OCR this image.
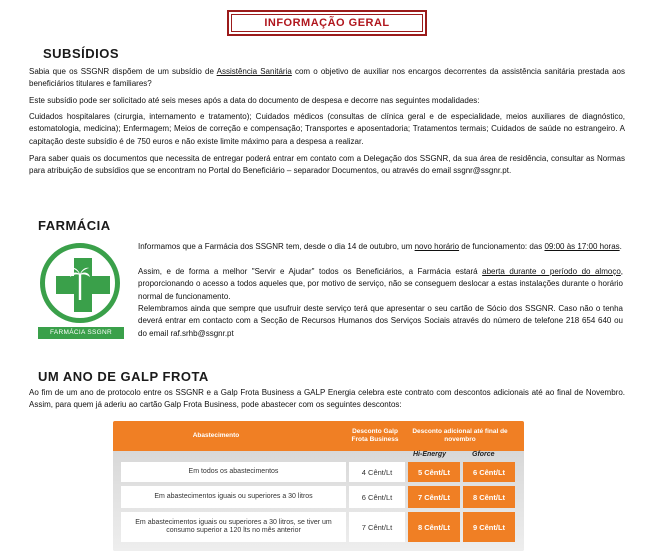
INFORMAÇÃO GERAL
SUBSÍDIOS
Sabia que os SSGNR dispõem de um subsídio de Assistência Sanitária com o objetivo de auxiliar nos encargos decorrentes da assistência sanitária prestada aos beneficiários titulares e familiares?
Este subsídio pode ser solicitado até seis meses após a data do documento de despesa e decorre nas seguintes modalidades:
Cuidados hospitalares (cirurgia, internamento e tratamento); Cuidados médicos (consultas de clínica geral e de especialidade, meios auxiliares de diagnóstico, estomatologia, medicina); Enfermagem; Meios de correção e compensação; Transportes e aposentadoria; Tratamentos termais; Cuidados de saúde no estrangeiro. A capitação deste subsídio é de 750 euros e não existe limite máximo para a despesa a realizar.
Para saber quais os documentos que necessita de entregar poderá entrar em contato com a Delegação dos SSGNR, da sua área de residência, consultar as Normas para atribuição de subsídios que se encontram no Portal do Beneficiário – separador Documentos, ou através do email ssgnr@ssgnr.pt.
FARMÁCIA
FARMÁCIA SSGNR
Informamos que a Farmácia dos SSGNR tem, desde o dia 14 de outubro, um novo horário de funcionamento: das 09:00 às 17:00 horas.
Assim, e de forma a melhor "Servir e Ajudar" todos os Beneficiários, a Farmácia estará aberta durante o período do almoço, proporcionando o acesso a todos aqueles que, por motivo de serviço, não se conseguem deslocar a estas instalações durante o horário normal de funcionamento.
Relembramos ainda que sempre que usufruir deste serviço terá que apresentar o seu cartão de Sócio dos SSGNR. Caso não o tenha deverá entrar em contacto com a Secção de Recursos Humanos dos Serviços Sociais através do número de telefone 218 654 640 ou do email raf.srhb@ssgnr.pt
UM ANO DE GALP FROTA
Ao fim de um ano de protocolo entre os SSGNR e a Galp Frota Business a GALP Energia celebra este contrato com descontos adicionais até ao final de Novembro. Assim, para quem já aderiu ao cartão Galp Frota Business, pode abastecer com os seguintes descontos:
Abastecimento
Desconto Galp Frota Business
Desconto adicional até final de novembro
Hi-Energy	Gforce
Em todos os abastecimentos	4 Cênt/Lt	5 Cênt/Lt	6 Cênt/Lt
Em abastecimentos iguais ou superiores a 30 litros	6 Cênt/Lt	7 Cênt/Lt	8 Cênt/Lt
Em abastecimentos iguais ou superiores a 30 litros, se tiver um consumo superior a 120 lts no mês anterior	7 Cênt/Lt	8 Cênt/Lt	9 Cênt/Lt
